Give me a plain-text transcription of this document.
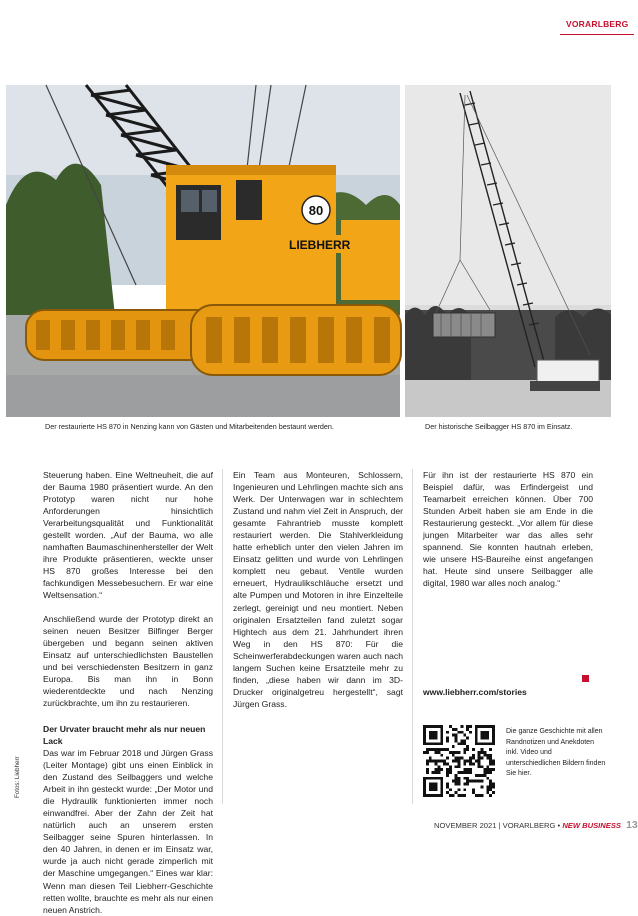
VORARLBERG
80
LIEBHERR
Der restaurierte HS 870 in Nenzing kann von Gästen und Mitarbeitenden bestaunt werden.	Der historische Seilbagger HS 870 im Einsatz.

Steuerung haben. Eine Weltneuheit, die auf der Bauma 1980 präsentiert wurde. An den Prototyp waren nicht nur hohe Anforderungen hinsichtlich Verarbeitungsqualität und Funktionalität gestellt worden. „Auf der Bauma, wo alle namhaften Baumaschinenhersteller der Welt ihre Produkte präsentieren, weckte unser HS 870 großes Interesse bei den fachkundigen Messebesuchern. Er war eine Weltsensation.“

Anschließend wurde der Prototyp direkt an seinen neuen Besitzer Bilfinger Berger übergeben und begann seinen aktiven Einsatz auf unterschiedlichsten Baustellen und bei verschiedensten Besitzern in ganz Europa. Bis man ihn in Bonn wiederentdeckte und nach Nenzing zurückbrachte, um ihn zu restaurieren.

Der Urvater braucht mehr als nur neuen Lack

Das war im Februar 2018 und Jürgen Grass (Leiter Montage) gibt uns einen Einblick in den Zustand des Seilbaggers und welche Arbeit in ihn gesteckt wurde: „Der Motor und die Hydraulik funktionierten immer noch einwandfrei. Aber der Zahn der Zeit hat natürlich auch an unserem ersten Seilbagger seine Spuren hinterlassen. In den 40 Jahren, in denen er im Einsatz war, wurde ja auch nicht gerade zimperlich mit der Maschine umgegangen.“ Eines war klar: Wenn man diesen Teil Liebherr-Geschichte retten wollte, brauchte es mehr als nur einen neuen Anstrich.

Ein Team aus Monteuren, Schlossern, Ingenieuren und Lehrlingen machte sich ans Werk. Der Unterwagen war in schlechtem Zustand und nahm viel Zeit in Anspruch, der gesamte Fahrantrieb musste komplett restauriert werden. Die Stahlverkleidung hatte erheblich unter den vielen Jahren im Einsatz gelitten und wurde von Lehrlingen komplett neu gebaut. Ventile wurden erneuert, Hydraulikschläuche ersetzt und alte Pumpen und Motoren in ihre Einzelteile zerlegt, gereinigt und neu montiert. Neben originalen Ersatzteilen fand zuletzt sogar Hightech aus dem 21. Jahrhundert ihren Weg in den HS 870: Für die Scheinwerferabdeckungen waren auch nach langem Suchen keine Ersatzteile mehr zu finden, „diese haben wir dann im 3D-Drucker originalgetreu hergestellt“, sagt Jürgen Grass.

Für ihn ist der restaurierte HS 870 ein Beispiel dafür, was Erfindergeist und Teamarbeit erreichen können. Über 700 Stunden Arbeit haben sie am Ende in die Restaurierung gesteckt. „Vor allem für diese jungen Mitarbeiter war das alles sehr spannend. Sie konnten hautnah erleben, wie unsere HS-Baureihe einst angefangen hat. Heute sind unsere Seilbagger alle digital, 1980 war alles noch analog.“

Fotos: Liebherr
www.liebherr.com/stories
Die ganze Geschichte mit allen Randnotizen und Anekdoten inkl. Video und unterschiedlichen Bildern finden Sie hier.
NOVEMBER 2021 | VORARLBERG • NEW BUSINESS 13
